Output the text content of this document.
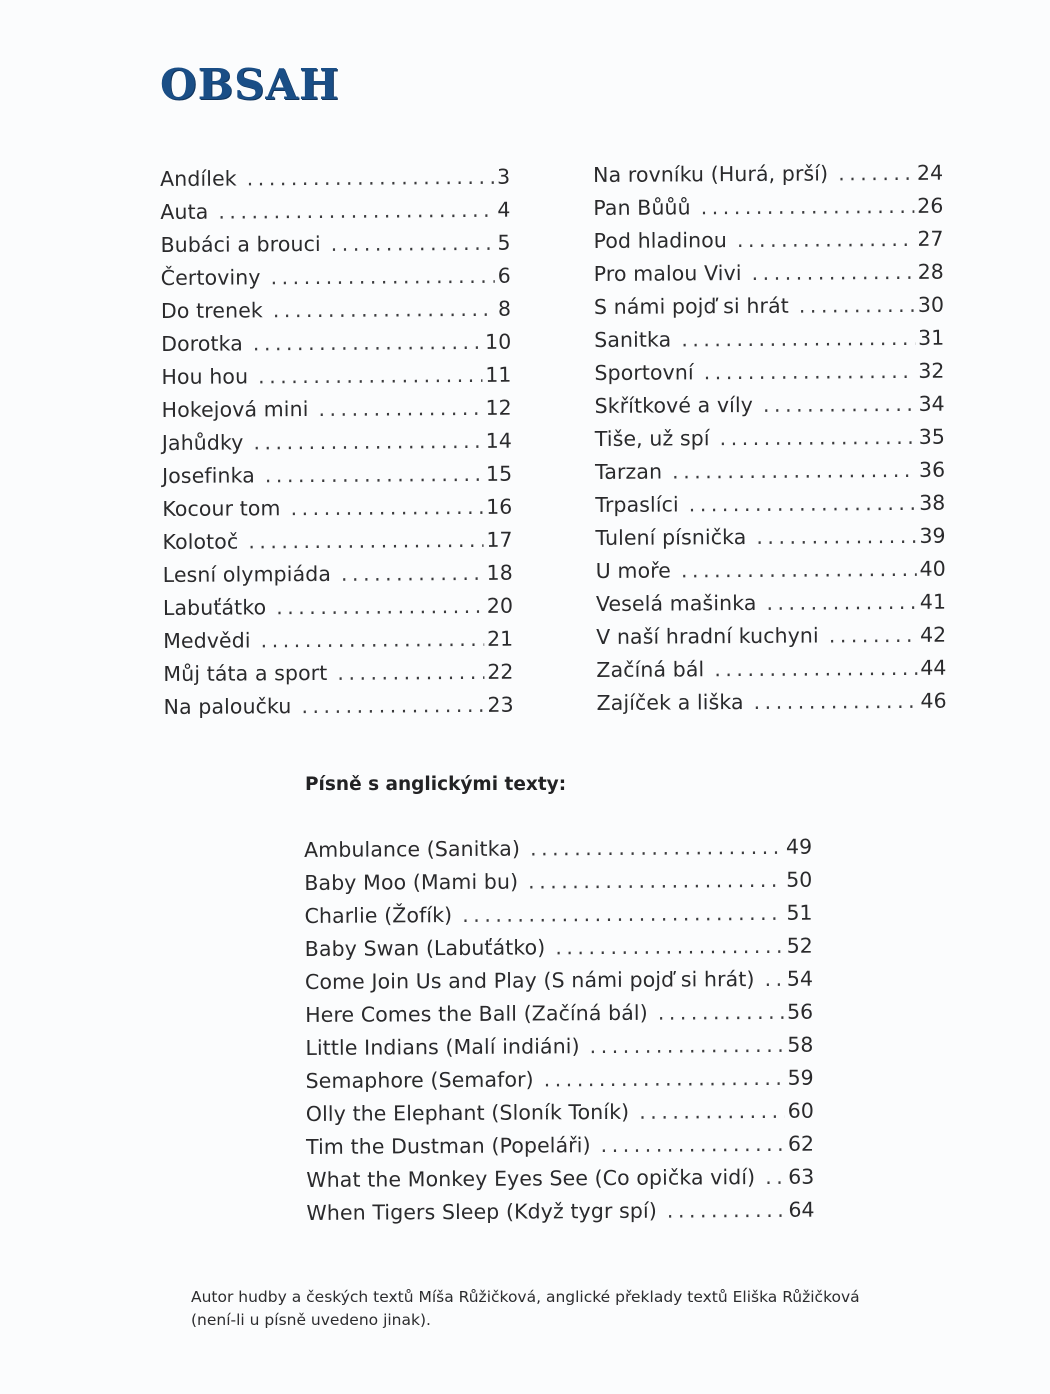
OBSAH
Andílek . . .	3
Auta . . .	4
Bubáci a brouci . . .	5
Čertoviny . . .	6
Do trenek . . .	8
Dorotka . . .	10
Hou hou . . .	11
Hokejová mini . . .	12
Jahůdky . . .	14
Josefinka . . .	15
Kocour tom . . .	16
Kolotoč . . .	17
Lesní olympiáda . . .	18
Labuťátko . . .	20
Medvědi . . .	21
Můj táta a sport . . .	22
Na paloučku . . .	23
Na rovníku (Hurá, prší) . . .	24
Pan Bůůů . . .	26
Pod hladinou . . .	27
Pro malou Vivi . . .	28
S námi pojď si hrát . . .	30
Sanitka . . .	31
Sportovní . . .	32
Skřítkové a víly . . .	34
Tiše, už spí . . .	35
Tarzan . . .	36
Trpaslíci . . .	38
Tulení písnička . . .	39
U moře . . .	40
Veselá mašinka . . .	41
V naší hradní kuchyni . . .	42
Začíná bál . . .	44
Zajíček a liška . . .	46
Písně s anglickými texty:
Ambulance (Sanitka) . . .	49
Baby Moo (Mami bu) . . .	50
Charlie (Žofík) . . .	51
Baby Swan (Labuťátko) . . .	52
Come Join Us and Play (S námi pojď si hrát) . . . 54
Here Comes the Ball (Začíná bál) . . .	56
Little Indians (Malí indiáni) . . .	58
Semaphore (Semafor) . . .	59
Olly the Elephant (Sloník Toník) . . .	60
Tim the Dustman (Popeláři) . . .	62
What the Monkey Eyes See (Co opička vidí) . . . 63
When Tigers Sleep (Když tygr spí) . . .	64

Autor hudby a českých textů Míša Růžičková, anglické překlady textů Eliška Růžičková
(není-li u písně uvedeno jinak).
